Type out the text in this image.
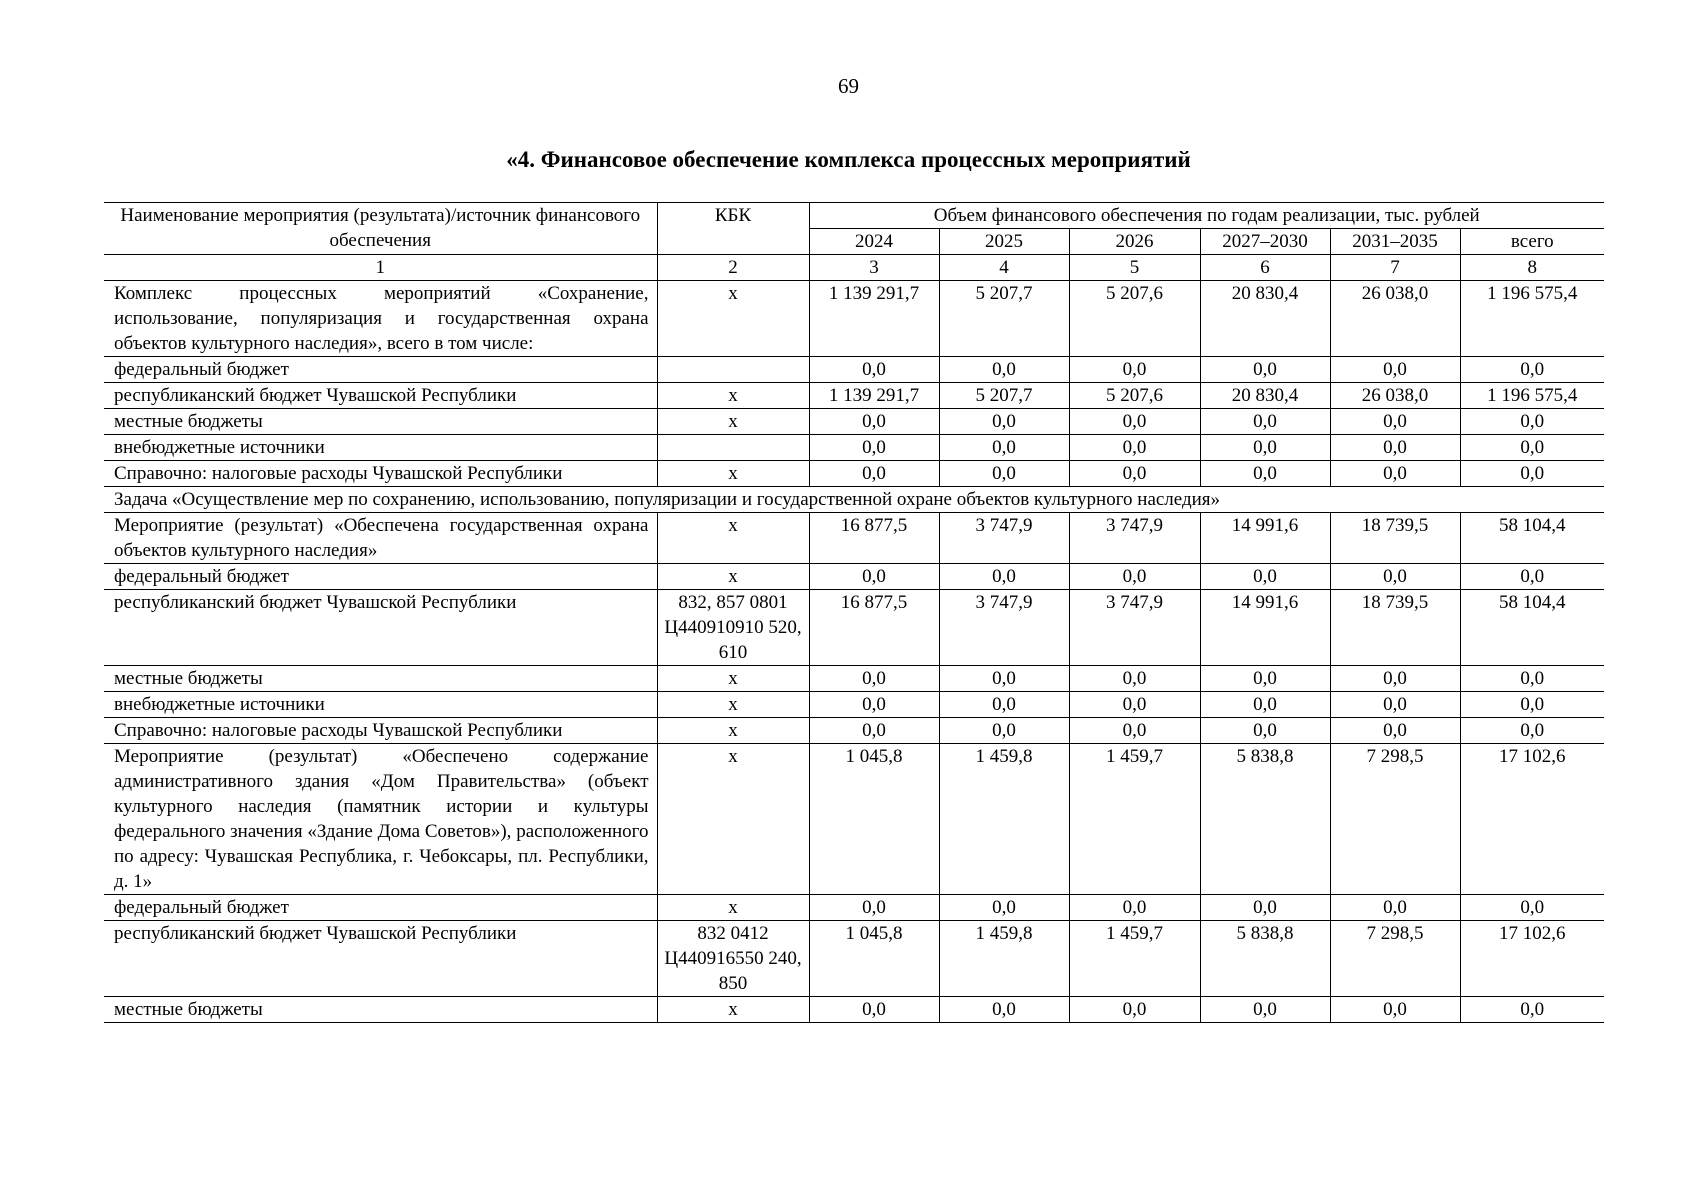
69
«4. Финансовое обеспечение комплекса процессных мероприятий
Наименование мероприятия (результата)/источник финансового обеспечения	КБК	Объем финансового обеспечения по годам реализации, тыс. рублей					
		2024	2025	2026	2027–2030	2031–2035	всего
1	2	3	4	5	6	7	8
Комплекс процессных мероприятий «Сохранение, использование, популяризация и государственная охрана объектов культурного наследия», всего в том числе:	х	1 139 291,7	5 207,7	5 207,6	20 830,4	26 038,0	1 196 575,4
федеральный бюджет		0,0	0,0	0,0	0,0	0,0	0,0
республиканский бюджет Чувашской Республики	х	1 139 291,7	5 207,7	5 207,6	20 830,4	26 038,0	1 196 575,4
местные бюджеты	х	0,0	0,0	0,0	0,0	0,0	0,0
внебюджетные источники		0,0	0,0	0,0	0,0	0,0	0,0
Справочно: налоговые расходы Чувашской Республики	х	0,0	0,0	0,0	0,0	0,0	0,0
Задача «Осуществление мер по сохранению, использованию, популяризации и государственной охране объектов культурного наследия»							
Мероприятие (результат) «Обеспечена государственная охрана объектов культурного наследия»	х	16 877,5	3 747,9	3 747,9	14 991,6	18 739,5	58 104,4
федеральный бюджет	х	0,0	0,0	0,0	0,0	0,0	0,0
республиканский бюджет Чувашской Республики	832, 857 0801 Ц440910910 520, 610	16 877,5	3 747,9	3 747,9	14 991,6	18 739,5	58 104,4
местные бюджеты	х	0,0	0,0	0,0	0,0	0,0	0,0
внебюджетные источники	х	0,0	0,0	0,0	0,0	0,0	0,0
Справочно: налоговые расходы Чувашской Республики	х	0,0	0,0	0,0	0,0	0,0	0,0
Мероприятие (результат) «Обеспечено содержание административного здания «Дом Правительства» (объект культурного наследия (памятник истории и культуры федерального значения «Здание Дома Советов»), расположенного по адресу: Чувашская Республика, г. Чебоксары, пл. Республики, д. 1»	х	1 045,8	1 459,8	1 459,7	5 838,8	7 298,5	17 102,6
федеральный бюджет	х	0,0	0,0	0,0	0,0	0,0	0,0
республиканский бюджет Чувашской Республики	832 0412 Ц440916550 240, 850	1 045,8	1 459,8	1 459,7	5 838,8	7 298,5	17 102,6
местные бюджеты	х	0,0	0,0	0,0	0,0	0,0	0,0
